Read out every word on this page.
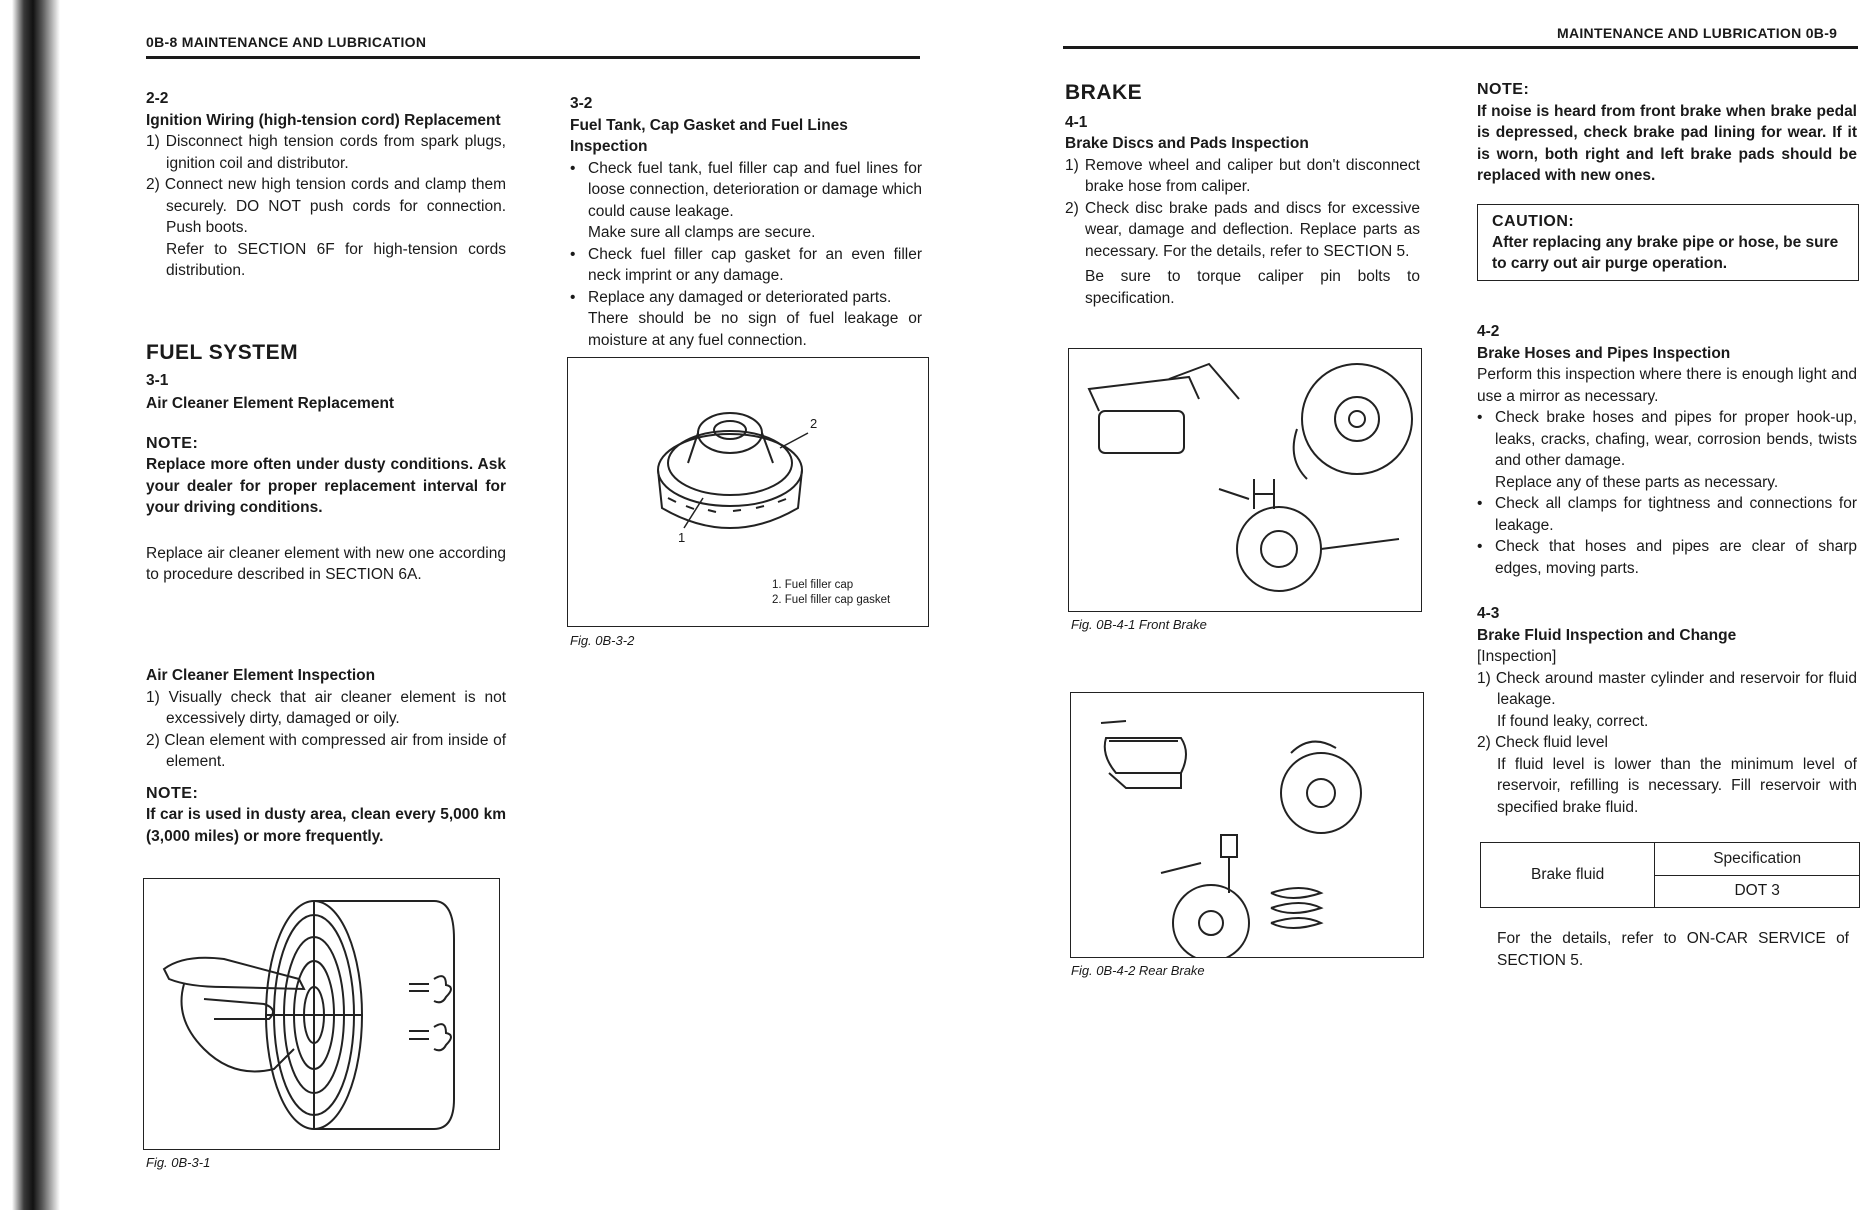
0B-8 MAINTENANCE AND LUBRICATION

2-2

Ignition Wiring (high-tension cord) Replacement

1) Disconnect high tension cords from spark plugs, ignition coil and distributor.

2) Connect new high tension cords and clamp them securely. DO NOT push cords for connection. Push boots.

Refer to SECTION 6F for high-tension cords distribution.

FUEL SYSTEM

3-1

Air Cleaner Element Replacement

NOTE:

Replace more often under dusty conditions. Ask your dealer for proper replacement interval for your driving conditions.

Replace air cleaner element with new one according to procedure described in SECTION 6A.

Air Cleaner Element Inspection

1) Visually check that air cleaner element is not excessively dirty, damaged or oily.

2) Clean element with compressed air from inside of element.

NOTE:

If car is used in dusty area, clean every 5,000 km (3,000 miles) or more frequently.

Fig. 0B-3-1

3-2

Fuel Tank, Cap Gasket and Fuel Lines Inspection

• Check fuel tank, fuel filler cap and fuel lines for loose connection, deterioration or damage which could cause leakage.

Make sure all clamps are secure.

• Check fuel filler cap gasket for an even filler neck imprint or any damage.

• Replace any damaged or deteriorated parts.

There should be no sign of fuel leakage or moisture at any fuel connection.

2
1
1. Fuel filler cap
2. Fuel filler cap gasket
Fig. 0B-3-2
MAINTENANCE AND LUBRICATION 0B-9

BRAKE

4-1

Brake Discs and Pads Inspection

1) Remove wheel and caliper but don't disconnect brake hose from caliper.

2) Check disc brake pads and discs for excessive wear, damage and deflection. Replace parts as necessary. For the details, refer to SECTION 5.

Be sure to torque caliper pin bolts to specification.

Fig. 0B-4-1 Front Brake
Fig. 0B-4-2 Rear Brake

NOTE:

If noise is heard from front brake when brake pedal is depressed, check brake pad lining for wear. If it is worn, both right and left brake pads should be replaced with new ones.

CAUTION:

After replacing any brake pipe or hose, be sure to carry out air purge operation.

4-2

Brake Hoses and Pipes Inspection

Perform this inspection where there is enough light and use a mirror as necessary.

• Check brake hoses and pipes for proper hook-up, leaks, cracks, chafing, wear, corrosion bends, twists and other damage.

Replace any of these parts as necessary.

• Check all clamps for tightness and connections for leakage.

• Check that hoses and pipes are clear of sharp edges, moving parts.

4-3

Brake Fluid Inspection and Change

[Inspection]

1) Check around master cylinder and reservoir for fluid leakage.

If found leaky, correct.

2) Check fluid level

If fluid level is lower than the minimum level of reservoir, refilling is necessary. Fill reservoir with specified brake fluid.

Brake fluid	Specification
DOT 3

For the details, refer to ON-CAR SERVICE of SECTION 5.
